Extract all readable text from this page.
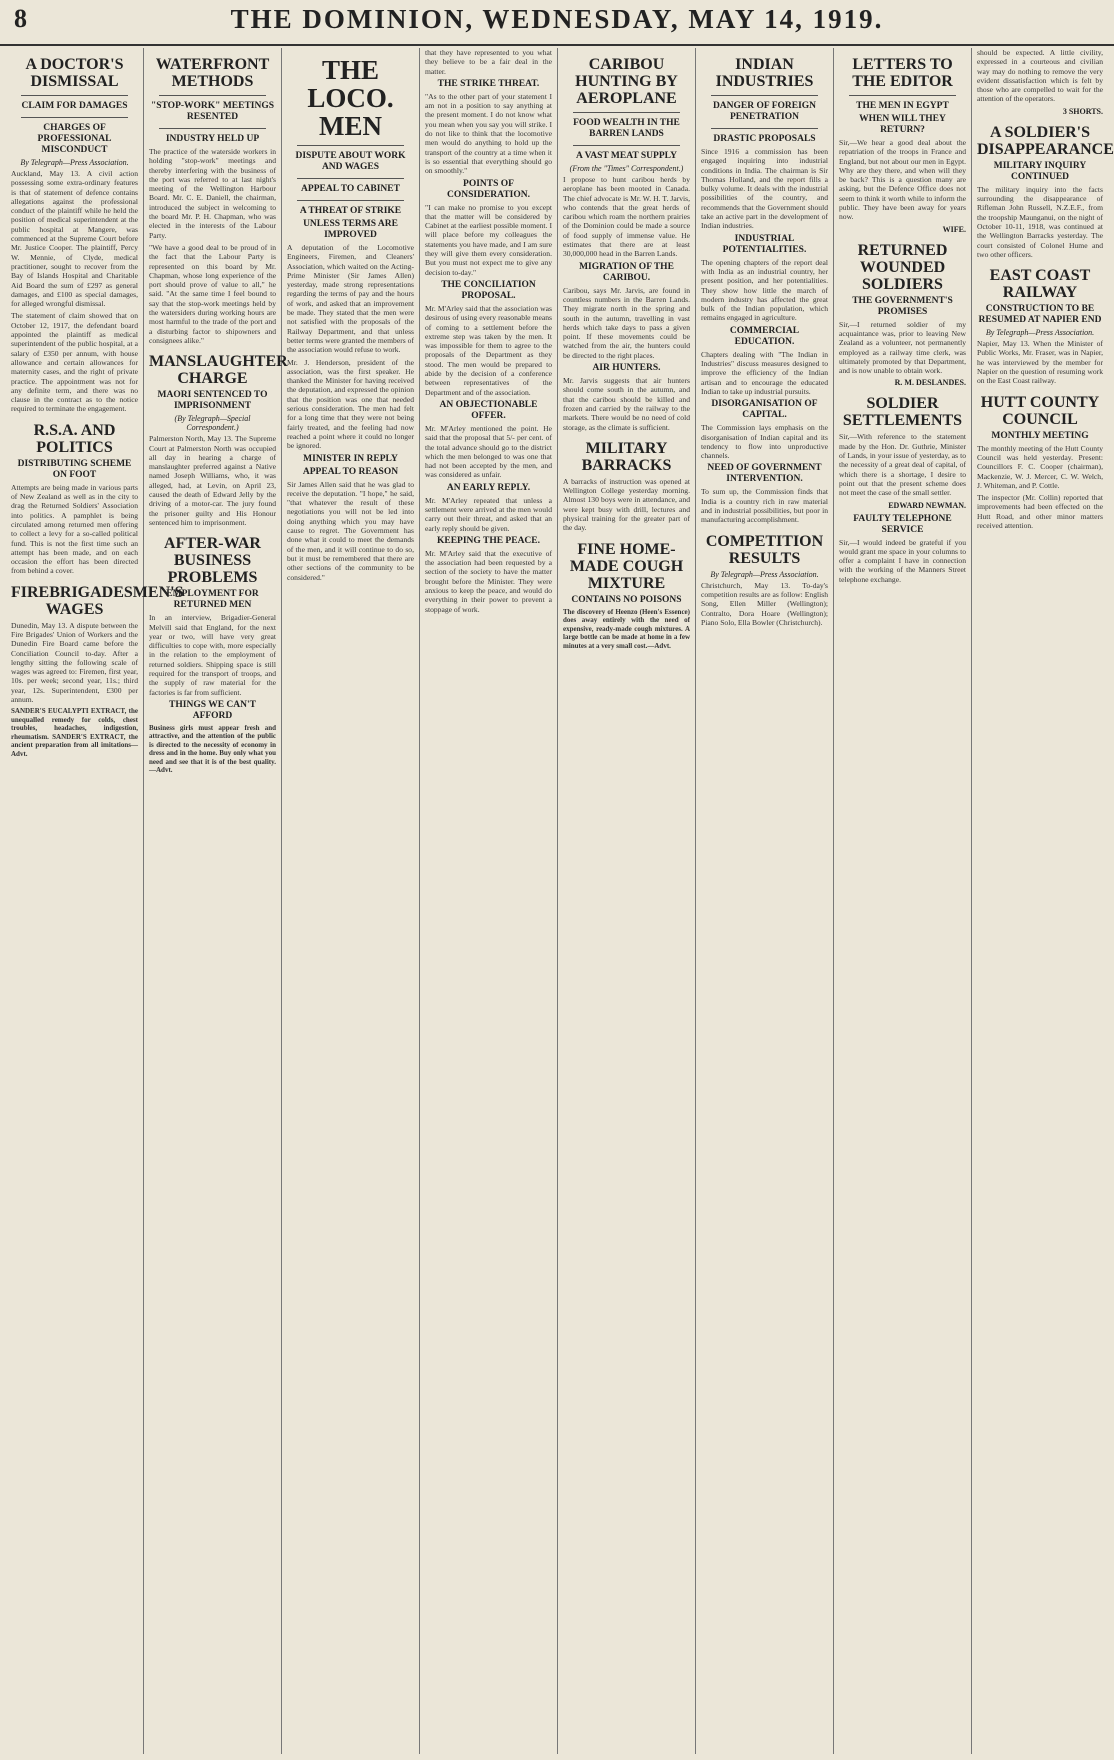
8	THE DOMINION, WEDNESDAY, MAY 14, 1919.
A DOCTOR'S DISMISSAL
CLAIM FOR DAMAGES
CHARGES OF PROFESSIONAL MISCONDUCT
By Telegraph—Press Association.

Auckland, May 13. A civil action possessing some extra-ordinary features is that of statement of defence contains allegations against the professional conduct of the plaintiff while he held the position of medical superintendent at the public hospital at Mangere, was commenced at the Supreme Court before Mr. Justice Cooper. The plaintiff, Percy W. Mennie, of Clyde, medical practitioner, sought to recover from the Bay of Islands Hospital and Charitable Aid Board the sum of £297 as general damages, and £100 as special damages, for alleged wrongful dismissal.

The statement of claim showed that on October 12, 1917, the defendant board appointed the plaintiff as medical superintendent of the public hospital, at a salary of £350 per annum, with house allowance and certain allowances for maternity cases, and the right of private practice. The appointment was not for any definite term, and there was no clause in the contract as to the notice required to terminate the engagement.

R.S.A. AND POLITICS
DISTRIBUTING SCHEME ON FOOT

Attempts are being made in various parts of New Zealand as well as in the city to drag the Returned Soldiers' Association into politics. A pamphlet is being circulated among returned men offering to collect a levy for a so-called political fund. This is not the first time such an attempt has been made, and on each occasion the effort has been directed from behind a cover.

FIREBRIGADESMEN'S WAGES

Dunedin, May 13. A dispute between the Fire Brigades' Union of Workers and the Dunedin Fire Board came before the Conciliation Council to-day. After a lengthy sitting the following scale of wages was agreed to: Firemen, first year, 10s. per week; second year, 11s.; third year, 12s. Superintendent, £300 per annum.

SANDER'S EUCALYPTI EXTRACT, the unequalled remedy for colds, chest troubles, headaches, indigestion, rheumatism. SANDER'S EXTRACT, the ancient preparation from all imitations—Advt.

WATERFRONT METHODS
"STOP-WORK" MEETINGS RESENTED
INDUSTRY HELD UP

The practice of the waterside workers in holding "stop-work" meetings and thereby interfering with the business of the port was referred to at last night's meeting of the Wellington Harbour Board. Mr. C. E. Daniell, the chairman, introduced the subject in welcoming to the board Mr. P. H. Chapman, who was elected in the interests of the Labour Party.

"We have a good deal to be proud of in the fact that the Labour Party is represented on this board by Mr. Chapman, whose long experience of the port should prove of value to all," he said. "At the same time I feel bound to say that the stop-work meetings held by the watersiders during working hours are most harmful to the trade of the port and a disturbing factor to shipowners and consignees alike."

MANSLAUGHTER CHARGE
MAORI SENTENCED TO IMPRISONMENT
(By Telegraph—Special Correspondent.)

Palmerston North, May 13. The Supreme Court at Palmerston North was occupied all day in hearing a charge of manslaughter preferred against a Native named Joseph Williams, who, it was alleged, had, at Levin, on April 23, caused the death of Edward Jelly by the driving of a motor-car. The jury found the prisoner guilty and His Honour sentenced him to imprisonment.

AFTER-WAR BUSINESS PROBLEMS
EMPLOYMENT FOR RETURNED MEN

In an interview, Brigadier-General Melvill said that England, for the next year or two, will have very great difficulties to cope with, more especially in the relation to the employment of returned soldiers. Shipping space is still required for the transport of troops, and the supply of raw material for the factories is far from sufficient.

THINGS WE CAN'T AFFORD

Business girls must appear fresh and attractive, and the attention of the public is directed to the necessity of economy in dress and in the home. Buy only what you need and see that it is of the best quality.—Advt.

THE LOCO. MEN
DISPUTE ABOUT WORK AND WAGES
APPEAL TO CABINET
A THREAT OF STRIKE
UNLESS TERMS ARE IMPROVED

A deputation of the Locomotive Engineers, Firemen, and Cleaners' Association, which waited on the Acting-Prime Minister (Sir James Allen) yesterday, made strong representations regarding the terms of pay and the hours of work, and asked that an improvement be made. They stated that the men were not satisfied with the proposals of the Railway Department, and that unless better terms were granted the members of the association would refuse to work.

Mr. J. Henderson, president of the association, was the first speaker. He thanked the Minister for having received the deputation, and expressed the opinion that the position was one that needed serious consideration. The men had felt for a long time that they were not being fairly treated, and the feeling had now reached a point where it could no longer be ignored.

MINISTER IN REPLY
APPEAL TO REASON

Sir James Allen said that he was glad to receive the deputation. "I hope," he said, "that whatever the result of these negotiations you will not be led into doing anything which you may have cause to regret. The Government has done what it could to meet the demands of the men, and it will continue to do so, but it must be remembered that there are other sections of the community to be considered."

that they have represented to you what they believe to be a fair deal in the matter.

THE STRIKE THREAT.

"As to the other part of your statement I am not in a position to say anything at the present moment. I do not know what you mean when you say you will strike. I do not like to think that the locomotive men would do anything to hold up the transport of the country at a time when it is so essential that everything should go on smoothly."

POINTS OF CONSIDERATION.

"I can make no promise to you except that the matter will be considered by Cabinet at the earliest possible moment. I will place before my colleagues the statements you have made, and I am sure they will give them every consideration. But you must not expect me to give any decision to-day."

THE CONCILIATION PROPOSAL.

Mr. M'Arley said that the association was desirous of using every reasonable means of coming to a settlement before the extreme step was taken by the men. It was impossible for them to agree to the proposals of the Department as they stood. The men would be prepared to abide by the decision of a conference between representatives of the Department and of the association.

AN OBJECTIONABLE OFFER.

Mr. M'Arley mentioned the point. He said that the proposal that 5/- per cent. of the total advance should go to the district which the men belonged to was one that had not been accepted by the men, and was considered as unfair.

AN EARLY REPLY.

Mr. M'Arley repeated that unless a settlement were arrived at the men would carry out their threat, and asked that an early reply should be given.

KEEPING THE PEACE.

Mr. M'Arley said that the executive of the association had been requested by a section of the society to have the matter brought before the Minister. They were anxious to keep the peace, and would do everything in their power to prevent a stoppage of work.

CARIBOU HUNTING BY AEROPLANE
FOOD WEALTH IN THE BARREN LANDS
A VAST MEAT SUPPLY
(From the "Times" Correspondent.)

I propose to hunt caribou herds by aeroplane has been mooted in Canada. The chief advocate is Mr. W. H. T. Jarvis, who contends that the great herds of caribou which roam the northern prairies of the Dominion could be made a source of food supply of immense value. He estimates that there are at least 30,000,000 head in the Barren Lands.

MIGRATION OF THE CARIBOU.

Caribou, says Mr. Jarvis, are found in countless numbers in the Barren Lands. They migrate north in the spring and south in the autumn, travelling in vast herds which take days to pass a given point. If these movements could be watched from the air, the hunters could be directed to the right places.

AIR HUNTERS.

Mr. Jarvis suggests that air hunters should come south in the autumn, and that the caribou should be killed and frozen and carried by the railway to the markets. There would be no need of cold storage, as the climate is sufficient.

MILITARY BARRACKS

A barracks of instruction was opened at Wellington College yesterday morning. Almost 130 boys were in attendance, and were kept busy with drill, lectures and physical training for the greater part of the day.

FINE HOME-MADE COUGH MIXTURE
CONTAINS NO POISONS

The discovery of Heenzo (Heen's Essence) does away entirely with the need of expensive, ready-made cough mixtures. A large bottle can be made at home in a few minutes at a very small cost.—Advt.

INDIAN INDUSTRIES
DANGER OF FOREIGN PENETRATION
DRASTIC PROPOSALS

Since 1916 a commission has been engaged inquiring into industrial conditions in India. The chairman is Sir Thomas Holland, and the report fills a bulky volume. It deals with the industrial possibilities of the country, and recommends that the Government should take an active part in the development of Indian industries.

INDUSTRIAL POTENTIALITIES.

The opening chapters of the report deal with India as an industrial country, her present position, and her potentialities. They show how little the march of modern industry has affected the great bulk of the Indian population, which remains engaged in agriculture.

COMMERCIAL EDUCATION.

Chapters dealing with "The Indian in Industries" discuss measures designed to improve the efficiency of the Indian artisan and to encourage the educated Indian to take up industrial pursuits.

DISORGANISATION OF CAPITAL.

The Commission lays emphasis on the disorganisation of Indian capital and its tendency to flow into unproductive channels.

NEED OF GOVERNMENT INTERVENTION.

To sum up, the Commission finds that India is a country rich in raw material and in industrial possibilities, but poor in manufacturing accomplishment.

COMPETITION RESULTS
By Telegraph—Press Association.

Christchurch, May 13. To-day's competition results are as follow: English Song, Ellen Miller (Wellington); Contralto, Dora Hoare (Wellington); Piano Solo, Ella Bowler (Christchurch).

LETTERS TO THE EDITOR
THE MEN IN EGYPT
WHEN WILL THEY RETURN?

Sir,—We hear a good deal about the repatriation of the troops in France and England, but not about our men in Egypt. Why are they there, and when will they be back? This is a question many are asking, but the Defence Office does not seem to think it worth while to inform the public. They have been away for years now.

WIFE.
RETURNED WOUNDED SOLDIERS
THE GOVERNMENT'S PROMISES

Sir,—I returned soldier of my acquaintance was, prior to leaving New Zealand as a volunteer, not permanently employed as a railway time clerk, was ultimately promoted by that Department, and is now unable to obtain work.

R. M. DESLANDES.
SOLDIER SETTLEMENTS

Sir,—With reference to the statement made by the Hon. Dr. Guthrie, Minister of Lands, in your issue of yesterday, as to the necessity of a great deal of capital, of which there is a shortage, I desire to point out that the present scheme does not meet the case of the small settler.

EDWARD NEWMAN.
FAULTY TELEPHONE SERVICE

Sir,—I would indeed be grateful if you would grant me space in your columns to offer a complaint I have in connection with the working of the Manners Street telephone exchange.

should be expected. A little civility, expressed in a courteous and civilian way may do nothing to remove the very evident dissatisfaction which is felt by those who are compelled to wait for the attention of the operators.

3 SHORTS.
A SOLDIER'S DISAPPEARANCE
MILITARY INQUIRY CONTINUED

The military inquiry into the facts surrounding the disappearance of Rifleman John Russell, N.Z.E.F., from the troopship Maunganui, on the night of October 10-11, 1918, was continued at the Wellington Barracks yesterday. The court consisted of Colonel Hume and two other officers.

EAST COAST RAILWAY
CONSTRUCTION TO BE RESUMED AT NAPIER END
By Telegraph—Press Association.

Napier, May 13. When the Minister of Public Works, Mr. Fraser, was in Napier, he was interviewed by the member for Napier on the question of resuming work on the East Coast railway.

HUTT COUNTY COUNCIL
MONTHLY MEETING

The monthly meeting of the Hutt County Council was held yesterday. Present: Councillors F. C. Cooper (chairman), Mackenzie, W. J. Mercer, C. W. Welch, J. Whiteman, and P. Cottle.

The inspector (Mr. Collin) reported that improvements had been effected on the Hutt Road, and other minor matters received attention.
